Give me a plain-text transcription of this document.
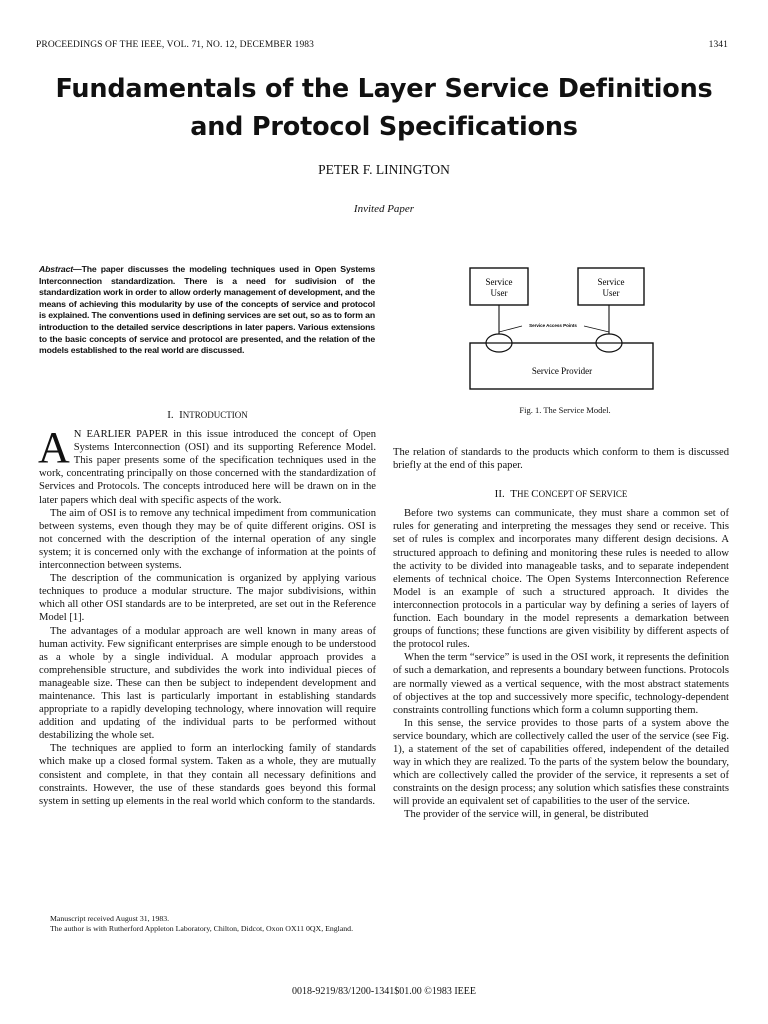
PROCEEDINGS OF THE IEEE, VOL. 71, NO. 12, DECEMBER 1983	1341
Fundamentals of the Layer Service Definitions
and Protocol Specifications
PETER F. LININGTON
Invited Paper
Abstract—The paper discusses the modeling techniques used in Open Systems Interconnection standardization. There is a need for sudivision of the standardization work in order to allow orderly management of development, and the means of achieving this modularity by use of the concepts of service and protocol is explained. The conventions used in defining services are set out, so as to form an introduction to the detailed service descriptions in later papers. Various extensions to the basic concepts of service and protocol are presented, and the relation of the models established to the real world are discussed.
I. INTRODUCTION
A N EARLIER PAPER in this issue introduced the concept of Open Systems Interconnection (OSI) and its supporting Reference Model. This paper presents some of the specification techniques used in the work, concentrating principally on those concerned with the standardization of Services and Protocols. The concepts introduced here will be drawn on in the later papers which deal with specific aspects of the work.

The aim of OSI is to remove any technical impediment from communication between systems, even though they may be of quite different origins. OSI is not concerned with the description of the internal operation of any single system; it is concerned only with the exchange of information at the points of interconnection between systems.

The description of the communication is organized by applying various techniques to produce a modular structure. The major subdivisions, within which all other OSI standards are to be interpreted, are set out in the Reference Model [1].

The advantages of a modular approach are well known in many areas of human activity. Few significant enterprises are simple enough to be understood as a whole by a single individual. A modular approach provides a comprehensible structure, and subdivides the work into individual pieces of manageable size. These can then be subject to independent development and maintenance. This last is particularly important in establishing standards appropriate to a rapidly developing technology, where innovation will require addition and updating of the individual parts to be performed without destabilizing the whole set.

The techniques are applied to form an interlocking family of standards which make up a closed formal system. Taken as a whole, they are mutually consistent and complete, in that they contain all necessary definitions and constraints. However, the use of these standards goes beyond this formal system in setting up elements in the real world which conform to the standards.

Service
User
Service
User
Service Access Points
Service Provider
Fig. 1. The Service Model.

The relation of standards to the products which conform to them is discussed briefly at the end of this paper.

II. THE CONCEPT OF SERVICE

Before two systems can communicate, they must share a common set of rules for generating and interpreting the messages they send or receive. This set of rules is complex and incorporates many different design decisions. A structured approach to defining and monitoring these rules is needed to allow the activity to be divided into manageable tasks, and to separate independent elements of technical choice. The Open Systems Interconnection Reference Model is an example of such a structured approach. It divides the interconnection protocols in a particular way by defining a series of layers of function. Each boundary in the model represents a demarkation between groups of functions; these functions are given visibility by different aspects of the protocol rules.

When the term “service” is used in the OSI work, it represents the definition of such a demarkation, and represents a boundary between functions. Protocols are normally viewed as a vertical sequence, with the most abstract statements of objectives at the top and successively more specific, technology-dependent constraints controlling functions which form a column supporting them.

In this sense, the service provides to those parts of a system above the service boundary, which are collectively called the user of the service (see Fig. 1), a statement of the set of capabilities offered, independent of the detailed way in which they are realized. To the parts of the system below the boundary, which are collectively called the provider of the service, it represents a set of constraints on the design process; any solution which satisfies these constraints will provide an equivalent set of capabilities to the user of the service.

The provider of the service will, in general, be distributed

Manuscript received August 31, 1983.
The author is with Rutherford Appleton Laboratory, Chilton, Didcot, Oxon OX11 0QX, England.
0018-9219/83/1200-1341$01.00 ©1983 IEEE
